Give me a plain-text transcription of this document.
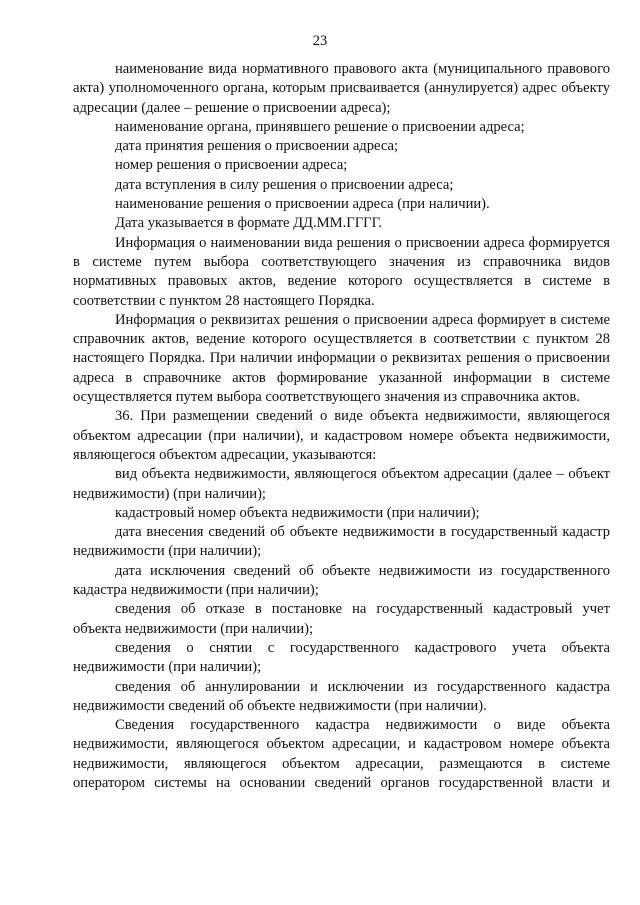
23

наименование вида нормативного правового акта (муниципального правового акта) уполномоченного органа, которым присваивается (аннулируется) адрес объекту адресации (далее – решение о присвоении адреса);

наименование органа, принявшего решение о присвоении адреса;

дата принятия решения о присвоении адреса;

номер решения о присвоении адреса;

дата вступления в силу решения о присвоении адреса;

наименование решения о присвоении адреса (при наличии).

Дата указывается в формате ДД.ММ.ГГГГ.

Информация о наименовании вида решения о присвоении адреса формируется в системе путем выбора соответствующего значения из справочника видов нормативных правовых актов, ведение которого осуществляется в системе в соответствии с пунктом 28 настоящего Порядка.

Информация о реквизитах решения о присвоении адреса формирует в системе справочник актов, ведение которого осуществляется в соответствии с пунктом 28 настоящего Порядка. При наличии информации о реквизитах решения о присвоении адреса в справочнике актов формирование указанной информации в системе осуществляется путем выбора соответствующего значения из справочника актов.

36. При размещении сведений о виде объекта недвижимости, являющегося объектом адресации (при наличии), и кадастровом номере объекта недвижимости, являющегося объектом адресации, указываются:

вид объекта недвижимости, являющегося объектом адресации (далее – объект недвижимости) (при наличии);

кадастровый номер объекта недвижимости (при наличии);

дата внесения сведений об объекте недвижимости в государственный кадастр недвижимости (при наличии);

дата исключения сведений об объекте недвижимости из государственного кадастра недвижимости (при наличии);

сведения об отказе в постановке на государственный кадастровый учет объекта недвижимости (при наличии);

сведения о снятии с государственного кадастрового учета объекта недвижимости (при наличии);

сведения об аннулировании и исключении из государственного кадастра недвижимости сведений об объекте недвижимости (при наличии).

Сведения государственного кадастра недвижимости о виде объекта недвижимости, являющегося объектом адресации, и кадастровом номере объекта недвижимости, являющегося объектом адресации, размещаются в системе оператором системы на основании сведений органов государственной власти и
